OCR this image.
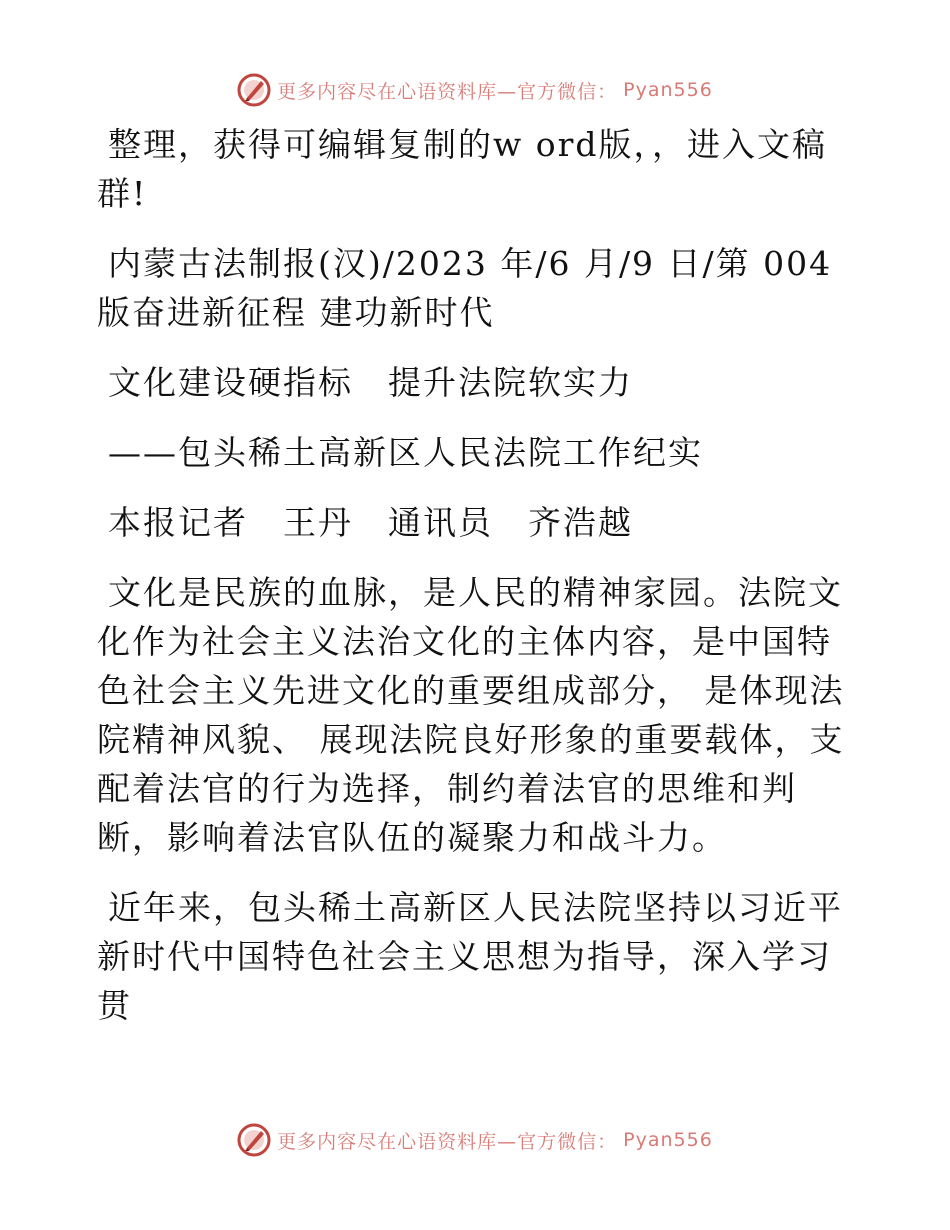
更多内容尽在心语资料库—官方微信： Pyan556

整理，获得可编辑复制的w ord版，，进入文稿群!

内蒙古法制报(汉)/2023 年/6 月/9 日/第 004 版奋进新征程 建功新时代

文化建设硬指标　提升法院软实力

——包头稀土高新区人民法院工作纪实

本报记者　王丹　通讯员　齐浩越

文化是民族的血脉，是人民的精神家园。法院文化作为社会主义法治文化的主体内容，是中国特色社会主义先进文化的重要组成部分， 是体现法院精神风貌、 展现法院良好形象的重要载体，支配着法官的行为选择，制约着法官的思维和判断，影响着法官队伍的凝聚力和战斗力。

近年来，包头稀土高新区人民法院坚持以习近平新时代中国特色社会主义思想为指导，深入学习贯

更多内容尽在心语资料库—官方微信： Pyan556
